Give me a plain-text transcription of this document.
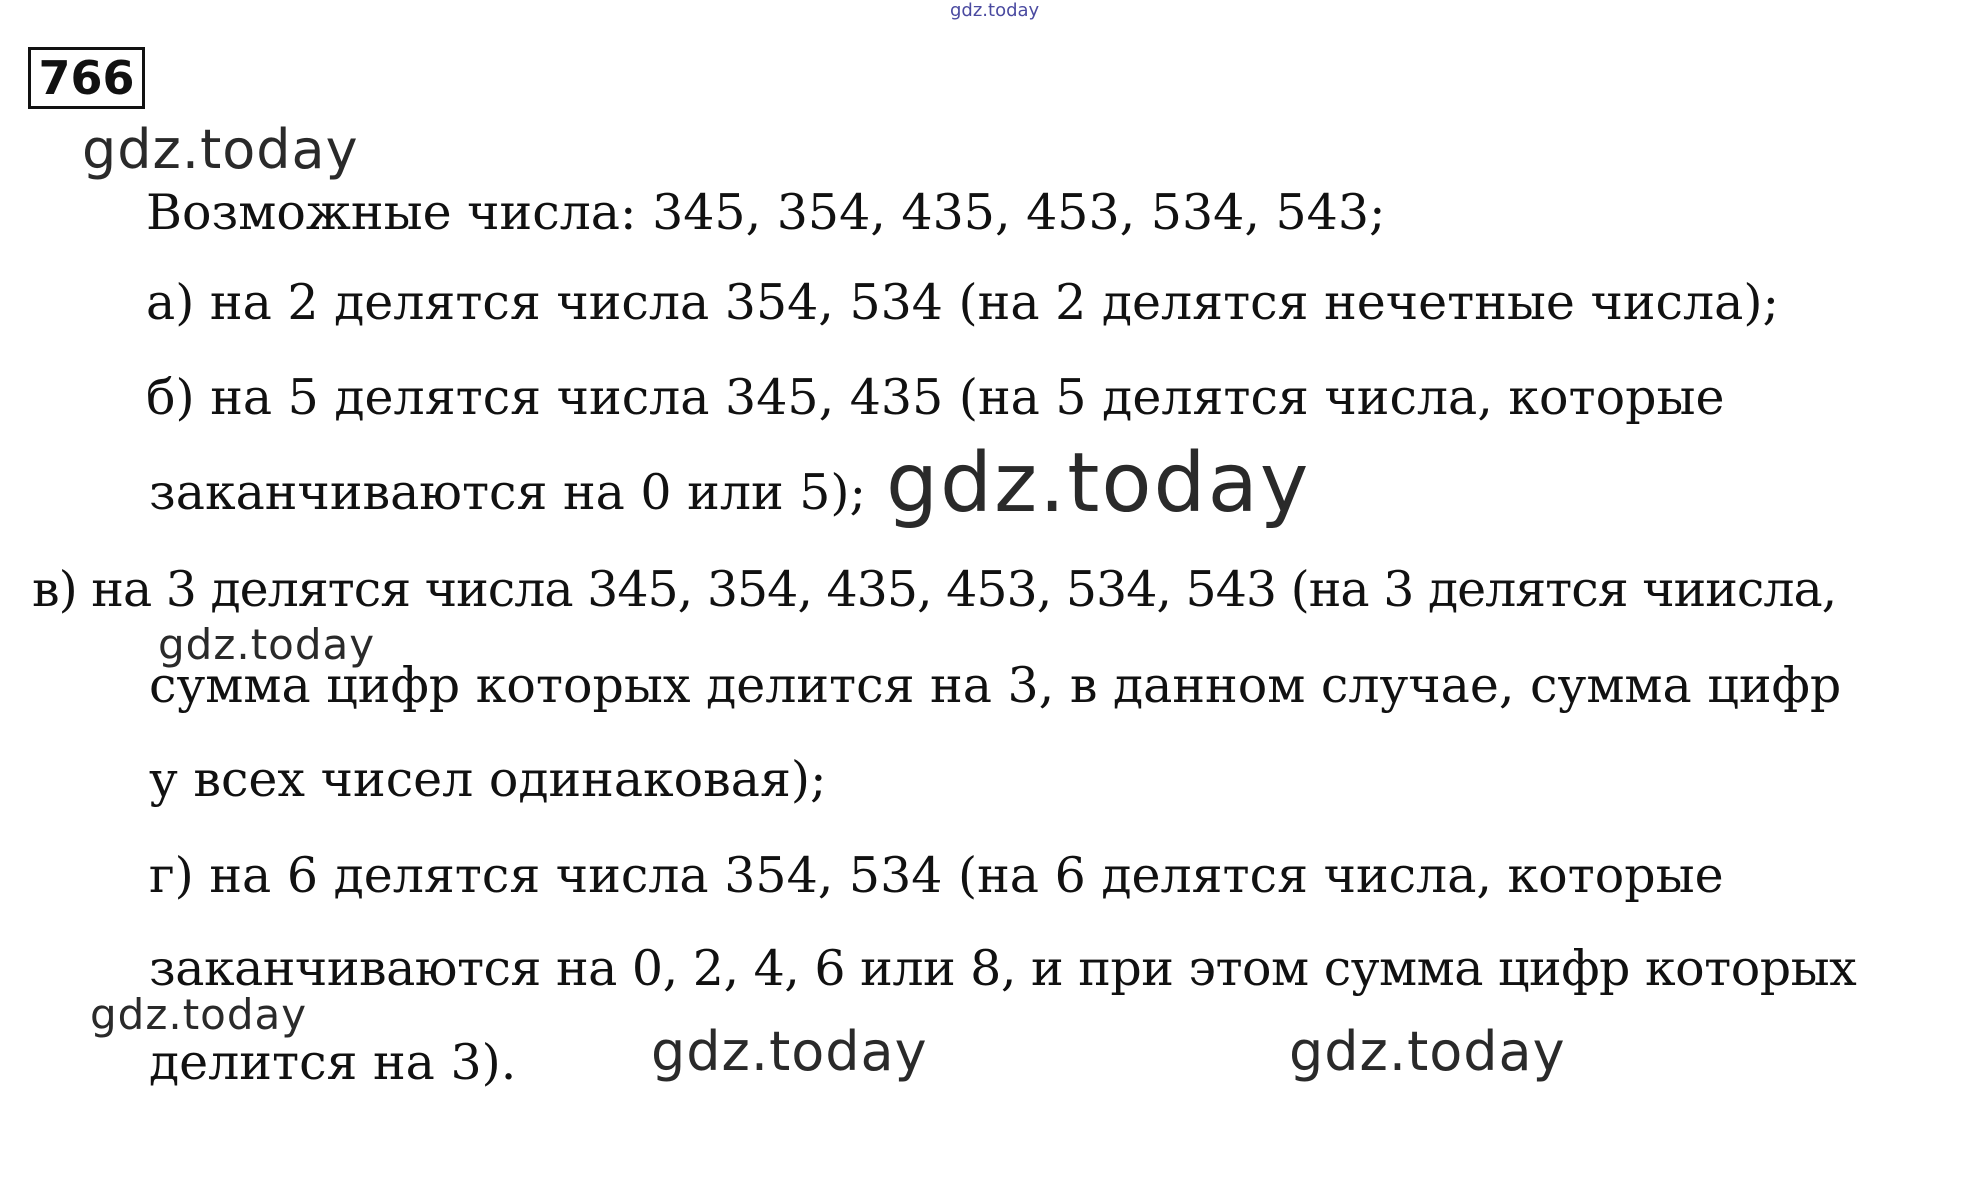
766
gdz.today
gdz.today
gdz.today
gdz.today
gdz.today
gdz.today	gdz.today
Возможные числа: 345, 354, 435, 453, 534, 543;
а) на 2 делятся числа 354, 534 (на 2 делятся нечетные числа);
б) на 5 делятся числа 345, 435 (на 5 делятся числа, которые
заканчиваются на 0 или 5);
в) на 3 делятся числа 345, 354, 435, 453, 534, 543 (на 3 делятся чиисла,
сумма цифр которых делится на 3, в данном случае, сумма цифр
у всех чисел одинаковая);
г) на 6 делятся числа 354, 534 (на 6 делятся числа, которые
заканчиваются на 0, 2, 4, 6 или 8, и при этом сумма цифр которых
делится на 3).
